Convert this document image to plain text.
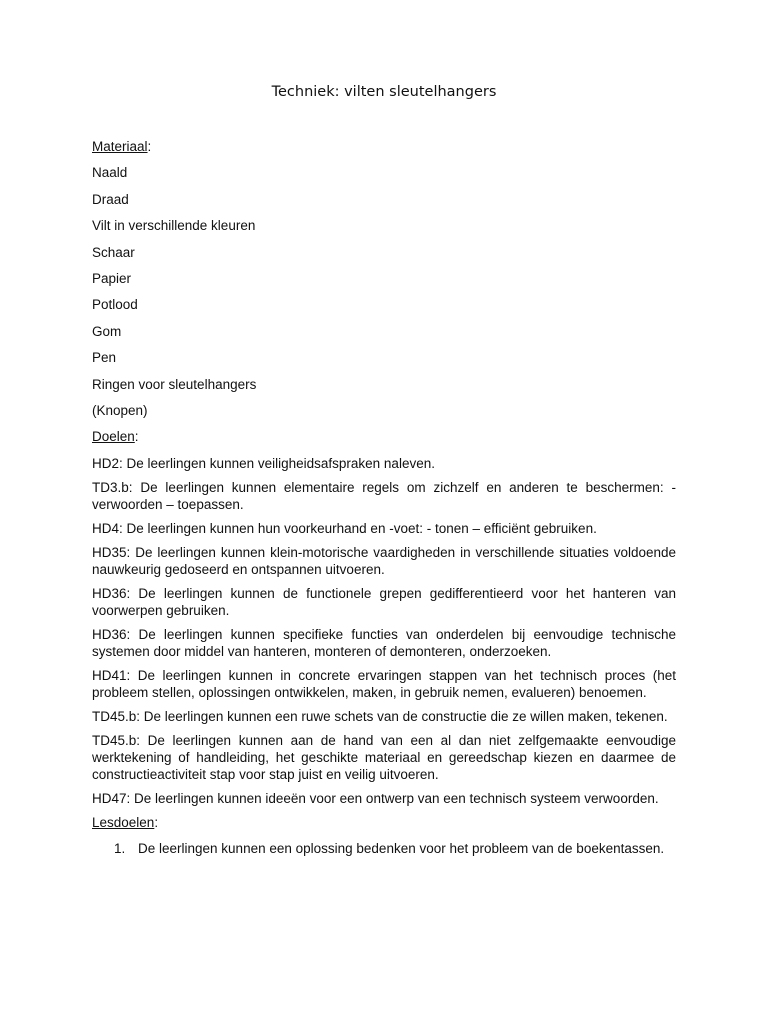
Techniek: vilten sleutelhangers
Materiaal:
Naald
Draad
Vilt in verschillende kleuren
Schaar
Papier
Potlood
Gom
Pen
Ringen voor sleutelhangers
(Knopen)
Doelen:

HD2: De leerlingen kunnen veiligheidsafspraken naleven.

TD3.b: De leerlingen kunnen elementaire regels om zichzelf en anderen te beschermen: - verwoorden – toepassen.

HD4: De leerlingen kunnen hun voorkeurhand en -voet: - tonen – efficiënt gebruiken.

HD35: De leerlingen kunnen klein-motorische vaardigheden in verschillende situaties voldoende nauwkeurig gedoseerd en ontspannen uitvoeren.

HD36: De leerlingen kunnen de functionele grepen gedifferentieerd voor het hanteren van voorwerpen gebruiken.

HD36: De leerlingen kunnen specifieke functies van onderdelen bij eenvoudige technische systemen door middel van hanteren, monteren of demonteren, onderzoeken.

HD41: De leerlingen kunnen in concrete ervaringen stappen van het technisch proces (het probleem stellen, oplossingen ontwikkelen, maken, in gebruik nemen, evalueren) benoemen.

TD45.b: De leerlingen kunnen een ruwe schets van de constructie die ze willen maken, tekenen.

TD45.b: De leerlingen kunnen aan de hand van een al dan niet zelfgemaakte eenvoudige werktekening of handleiding, het geschikte materiaal en gereedschap kiezen en daarmee de constructieactiviteit stap voor stap juist en veilig uitvoeren.

HD47: De leerlingen kunnen ideeën voor een ontwerp van een technisch systeem verwoorden.

Lesdoelen:
1. De leerlingen kunnen een oplossing bedenken voor het probleem van de boekentassen.
